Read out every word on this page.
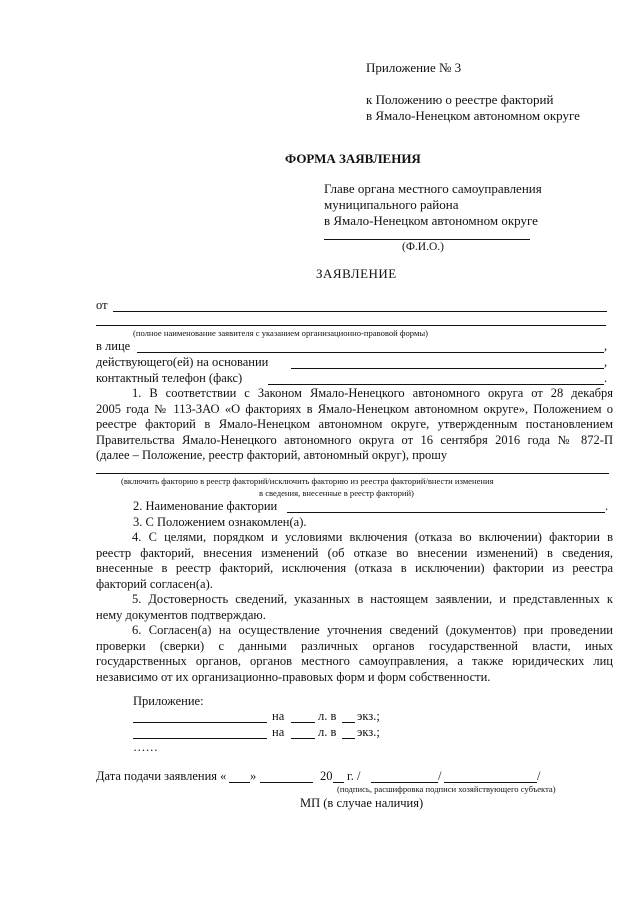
Приложение № 3
к Положению о реестре факторий
в Ямало-Ненецком автономном округе
ФОРМА ЗАЯВЛЕНИЯ
Главе органа местного самоуправления
муниципального района
в Ямало-Ненецком автономном округе
(Ф.И.О.)
ЗАЯВЛЕНИЕ
от
(полное наименование заявителя с указанием организационно-правовой формы)
в лице	,
действующего(ей) на основании	,
контактный телефон (факс)	.
1. В соответствии с Законом Ямало-Ненецкого автономного округа от 28 декабря
2005 года № 113-ЗАО «О факториях в Ямало-Ненецком автономном округе», Положением о
реестре факторий в Ямало-Ненецком автономном округе, утвержденным постановлением
Правительства Ямало-Ненецкого автономного округа от 16 сентября 2016 года № 872-П
(далее – Положение, реестр факторий, автономный округ), прошу
(включить факторию в реестр факторий/исключить факторию из реестра факторий/внести изменения
в сведения, внесенные в реестр факторий)
2. Наименование фактории	.
3. С Положением ознакомлен(а).
4. С целями, порядком и условиями включения (отказа во включении) фактории в
реестр факторий, внесения изменений (об отказе во внесении изменений) в сведения,
внесенные в реестр факторий, исключения (отказа в исключении) фактории из реестра
факторий согласен(а).
5. Достоверность сведений, указанных в настоящем заявлении, и представленных к
нему документов подтверждаю.
6. Согласен(а) на осуществление уточнения сведений (документов) при проведении
проверки (сверки) с данными различных органов государственной власти, иных
государственных органов, органов местного самоуправления, а также юридических лиц
независимо от их организационно-правовых форм и форм собственности.
Приложение:
на	л. в экз.;
на	л. в экз.;
……
Дата подачи заявления « »	20 г. /	/	/
(подпись, расшифровка подписи хозяйствующего субъекта)
МП (в случае наличия)
